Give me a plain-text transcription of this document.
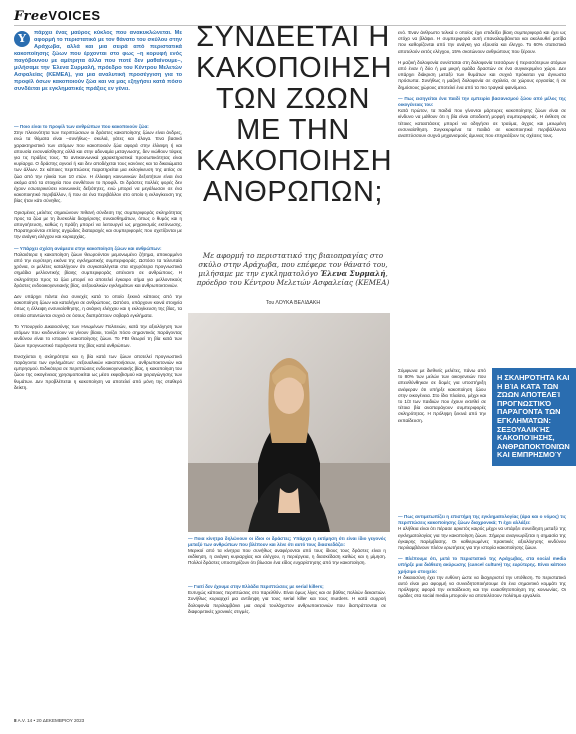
FreeVOICES
Υ	πάρχει ένας μαύρος κύκλος που ανακυκλώνεται. Με αφορμή το περιστατικό με τον θάνατο του σκύλου στην Αράχωβα, αλλά και μια σειρά από περιστατικά κακοποίησης ζώων που έρχονται στο φως –η κορυφή ενός παγόβουνου με αμέτρητα άλλα που ποτέ δεν μαθαίνουμε–, μιλήσαμε την Έλενα Συρμαλή, πρόεδρο του Κέντρου Μελετών Ασφαλείας (ΚΕΜΕΑ), για μια αναλυτική προσέγγιση για το προφίλ όσων κακοποιούν ζώα και να μας εξηγήσει κατά πόσο συνδέεται με εγκληματικές πράξεις εν γένει.

— Ποιο είναι το προφίλ των ανθρώπων που κακοποιούν ζώα:
Στην πλειονότητα των περιπτώσεων οι δράστες κακοποίησης ζώων είναι άνδρες, ενώ τα θύματα είναι –συνήθως– σκυλιά, γάτες και άλογα. Ένα βασικό χαρακτηριστικό των ατόμων που κακοποιούν ζώα αφορά στην έλλειψη ή και απουσία ενσυναίσθησης αλλά και στην αδυναμία μεταγνωσης, δεν νιώθουν τύψεις για τις πράξεις τους. Τα αντικοινωνικά χαρακτηριστικά προσωπικότητας είναι κυρίαρχα. Ο δράστης αγνοεί ή και δεν αποδέχεται τους κανόνες και τα δικαιώματα των άλλων. Σε κάποιες περιπτώσεις παρατηρείται μια εκλογίκευση της αιτίας σε ζώα από την ηλικία των 10 ετών. Η έλλειψη κοινωνικών δεξιοτήτων είναι ένα ακόμα από τα στοιχεία που συνθέτουν το προφίλ. Οι δράστες πολλές φορές δεν έχουν εσωτερικεύσει κοινωνικές δεξιότητες, ενώ μπορεί να μεγάλωσαν σε ένα κακοποιητικό περιβάλλον, ή που σε ένα περιβάλλον στο οποίο η εκλογίκευση της βίας ήταν κάτι σύνηθες.

Ορισμένες μελέτες σημειώνουν πιθανή σύνδεση της συμπεριφοράς σκληρότητας προς τα ζώα με τη δυσκολία διαχείρισης συναισθημάτων, όπως ο θυμός και η απογοήτευση, καθώς η πράξη μπορεί να λειτουργεί ως μηχανισμός εκτόνωσης. Παρατηρούνται επίσης αγχώδεις διαταραχές και συμπεριφορές που σχετίζονται με την ανάγκη ελέγχου και κυριαρχίας.

— Υπάρχει σχέση ανάμεσα στην κακοποίηση ζώων και ανθρώπων:
Παλαιότερα η κακοποίηση ζώων θεωρούνταν μεμονωμένο ζήτημα, αποκομμένο από την ευρύτερη εικόνα της εγκληματικής συμπεριφοράς. Ωστόσο τα τελευταία χρόνια, οι μελέτες καταλήγουν ότι συγκαταλέγεται στα ισχυρότερα προγνωστικά σημάδια μελλοντικής βίαιης συμπεριφοράς απέναντι σε ανθρώπους. Η σκληρότητα προς τα ζώα μπορεί να αποτελεί έγκαιρο σήμα για μελλοντικούς δράστες ενδοοικογενειακής βίας, σεξουαλικών εγκλημάτων και ανθρωποκτονιών.

Δεν υπάρχει πάντα ένα συνεχές κατά το οποίο ξεκινά κάποιος από την κακοποίηση ζώων και καταλήγει σε ανθρώπους. Ωστόσο, υπάρχουν κοινά στοιχεία όπως η έλλειψη ενσυναίσθησης, η ανάγκη ελέγχου και η εκλογίκευση της βίας, τα οποία απαντώνται συχνά σε όσους διαπράττουν σοβαρά εγκλήματα.

Το Υπουργείο Δικαιοσύνης των Ηνωμένων Πολιτειών, κατά την αξιολόγηση των ατόμων που κινδυνεύουν να γίνουν βίαιοι, τονίζει πόσο σημαντικός παράγοντας κινδύνου είναι το ιστορικό κακοποίησης ζώων. Το FBI θεωρεί τη βία κατά των ζώων προγνωστικό παράγοντα της βίας κατά ανθρώπων.

Ενισχύεται η σκληρότητα και η βία κατά των ζώων αποτελεί προγνωστικό παράγοντα των εγκλημάτων: σεξουαλικών κακοποιήσεων, ανθρωποκτονιών και εμπρησμού. Ειδικότερα σε περιπτώσεις ενδοοικογενειακής βίας, η κακοποίηση του ζώου της οικογένειας χρησιμοποιείται ως μέσο εκφοβισμού και χειραγώγησης των θυμάτων. Δεν προβλέπεται η κακοποίηση να αποτελεί από μόνη της σταθερό δείκτη.

ΣΥΝΔΕΕΤΑΙ Η ΚΑΚΟΠΟΙΗΣΗ ΤΩΝ ΖΩΩΝ ΜΕ ΤΗΝ ΚΑΚΟΠΟΙΗΣΗ ΑΝΘΡΩΠΩΝ;
Με αφορμή το περιστατικό της βιαιοπραγίας στο σκύλο στην Αράχωβα, που επέφερε τον θάνατό του, μιλήσαμε με την εγκληματολόγο Έλενα Συρμαλή, πρόεδρο του Κέντρου Μελετών Ασφαλείας (ΚΕΜΕΑ)
Του ΛΟΥΚΑ ΒΕΛΙΔΑΚΗ
— Ποια κίνητρα δηλώνουν οι ίδιοι οι δράστες; Υπάρχει η εκτίμηση ότι είναι ίδιο γεγονός μεταξύ των ανθρώπων που βλέπουν και λένε ότι αυτό τους διασκεδάζει:
Μερικοί από τα κίνητρα που συνήθως αναφέρονται από τους ίδιους τους δράστες είναι η εκδίκηση, η ανάγκη κυριαρχίας και ελέγχου, η περιέργεια, η διασκέδαση καθώς και η μίμηση. Πολλοί δράστες υποστηρίζουν ότι βίωσαν ένα είδος ευχαρίστησης από την κακοποίηση.

— Γιατί δεν έχουμε στην Ελλάδα περιπτώσεις με serial killers;
Ευτυχώς κάποιες περιπτώσεις στο παρελθόν. Είναι όμως λίγες και σε βάθος πολλών δεκαετιών. Συνήθως κυριαρχεί μια αντίληψη για τους serial killer και τους murders. Η κατά συρροή δολοφονία περιλαμβάνει μια σειρά τουλάχιστον ανθρωποκτονιών που διαπράττονται σε διαφορετικές χρονικές στιγμές.

ενό. Έναν άνθρωπο τελικά ο οποίος έχει επιδείξει βίαιη συμπεριφορά και έχει ως στόχο να βλάψει. Η συμπεριφορά αυτή επαναλαμβάνεται και ακολουθεί μοτίβα που καθορίζονται από την ανάγκη για εξουσία και έλεγχο. Το 60% στατιστικά αποτελούν εκτός ελέγχου, 15% σκοτώνουν ανθρώπους που ξέρουν.

Η μαζική δολοφονία συνίσταται στη δολοφονία τεσσάρων ή περισσότερων ατόμων από έναν ή δύο ή μια μικρή ομάδα δραστών σε ένα συγκεκριμένο χώρο. Δεν υπάρχει διάκριση μεταξύ των θυμάτων και συχνά πρόκειται για άγνωστα πρόσωπα. Συνήθως η μαζική δολοφονία σε σχολεία, σε χώρους εργασίας ή σε δημόσιους χώρους αποτελεί ένα από τα πιο τραγικά φαινόμενα.

— Πως εισηγείται ένα παιδί την εμπειρία βασανισμού ζώου από μέλος της οικογένειας του:
Κατά πρώτον, τα παιδιά που γίνονται μάρτυρες κακοποίησης ζώων είναι σε κίνδυνο να μάθουν ότι η βία είναι αποδεκτή μορφή συμπεριφοράς. Η έκθεση σε τέτοιες καταστάσεις μπορεί να οδηγήσει σε τραύμα, άγχος και μειωμένη ενσυναίσθηση. Συγκεκριμένα τα παιδιά σε κακοποιητικά περιβάλλοντα αναπτύσσουν συχνά μηχανισμούς άμυνας που επηρεάζουν τις σχέσεις τους.

Σύμφωνα με διεθνείς μελέτες, πάνω από το 80% των μελών των οικογενειών που απευθύνθηκαν σε δομές για υποστήριξη ανέφεραν ότι υπήρξε κακοποίηση ζώου στην οικογένεια. Στο ίδιο πλαίσιο, μέχρι και το 1/3 των παιδιών που έχουν εκτεθεί σε τέτοια βία αναπαράγουν συμπεριφορές σκληρότητας. Η πρόληψη ξεκινά από την εκπαίδευση.

Η ΣΚΛΗΡΌΤΗΤΑ ΚΑΙ Η ΒΊΑ ΚΑΤΆ ΤΩΝ ΖΏΩΝ ΑΠΟΤΕΛΕΊ ΠΡΟΓΝΩΣΤΙΚΌ ΠΑΡΆΓΟΝΤΑ ΤΩΝ ΕΓΚΛΗΜΆΤΩΝ: ΣΕΞΟΥΑΛΙΚΉΣ ΚΑΚΟΠΟΊΗΣΗΣ, ΑΝΘΡΩΠΟΚΤΟΝΙΏΝ ΚΑΙ ΕΜΠΡΗΣΜΟΎ

— Πως αντιμετωπίζει η επιστήμη της εγκληματολογίας (άρα και ο νόμος) τις περιπτώσεις κακοποίησης ζώων διαχρονικά; Τι έχει αλλάξει:
Η αλήθεια είναι ότι πέρασε αρκετός καιρός μέχρι να υπάρξει συνείδηση μεταξύ της εγκληματολογίας για την κακοποίηση ζώων. Σήμερα αναγνωρίζεται η σημασία της έγκαιρης παρέμβασης. Οι καθιερωμένες πρακτικές αξιολόγησης κινδύνου περιλαμβάνουν πλέον ερωτήσεις για την ιστορία κακοποίησης ζώων.

— Βλέπουμε ότι, μετά το περιστατικό της Αράχωβας, στα social media υπήρξε μια διάθεση ακύρωσης (cancel culture) της ευρύτερης. Είναι κάποιο χρήσιμο στοιχείο:
Η δικαιοσύνη έχει την ευθύνη ώστε να διαχειριστεί την υπόθεση. Το περιστατικό αυτό είναι μια αφορμή να συνειδητοποιήσουμε ότι ένα σημαντικό κομμάτι της πρόληψης αφορά την εκπαίδευση και την ευαισθητοποίηση της κοινωνίας. Οι ομάδες στα social media μπορούν να αποτελέσουν πολύτιμο εργαλείο.

8 Α.V. 14 • 20 ΔΕΚΕΜΒΡΙΟΥ 2023
